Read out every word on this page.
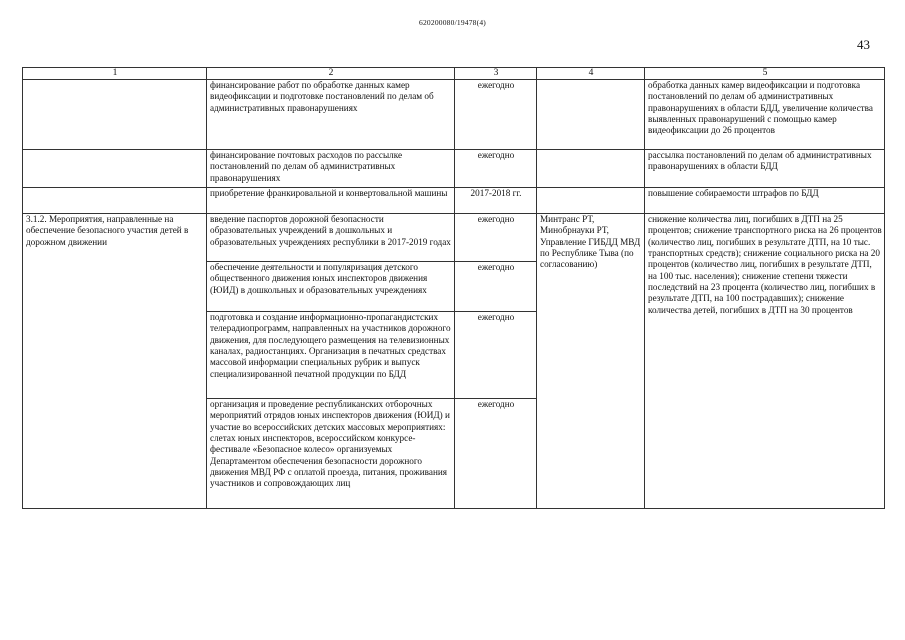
620200080/19478(4)
43
1	2	3	4	5
	финансирование работ по обработке данных камер видеофиксации и подготовке постановлений по делам об административных правонарушениях	ежегодно		обработка данных камер видеофиксации и подготовка постановлений по делам об административных правонарушениях в области БДД, увеличение количества выявленных правонарушений с помощью камер видеофиксации до 26 процентов
	финансирование почтовых расходов по рассылке постановлений по делам об административных правонарушениях	ежегодно		рассылка постановлений по делам об административных правонарушениях в области БДД
	приобретение франкировальной и конвертовальной машины	2017-2018 гг.		повышение собираемости штрафов по БДД
3.1.2. Мероприятия, направленные на обеспечение безопасного участия детей в дорожном движении	введение паспортов дорожной безопасности образовательных учреждений в дошкольных и образовательных учреждениях республики в 2017-2019 годах	ежегодно	Минтранс РТ, Минобрнауки РТ, Управление ГИБДД МВД по Республике Тыва (по согласованию)	снижение количества лиц, погибших в ДТП на 25 процентов; снижение транспортного риска на 26 процентов (количество лиц, погибших в результате ДТП, на 10 тыс. транспортных средств); снижение социального риска на 20 процентов (количество лиц, погибших в результате ДТП, на 100 тыс. населения); снижение степени тяжести последствий на 23 процента (количество лиц, погибших в результате ДТП, на 100 пострадавших); снижение количества детей, погибших в ДТП на 30 процентов
	обеспечение деятельности и популяризация детского общественного движения юных инспекторов движения (ЮИД) в дошкольных и образовательных учреждениях	ежегодно		
	подготовка и создание информационно-пропагандистских телерадиопрограмм, направленных на участников дорожного движения, для последующего размещения на телевизионных каналах, радиостанциях. Организация в печатных средствах массовой информации специальных рубрик и выпуск специализированной печатной продукции по БДД	ежегодно		
	организация и проведение республиканских отборочных мероприятий отрядов юных инспекторов движения (ЮИД) и участие во всероссийских детских массовых мероприятиях: слетах юных инспекторов, всероссийском конкурсе-фестивале «Безопасное колесо» организуемых Департаментом обеспечения безопасности дорожного движения МВД РФ с оплатой проезда, питания, проживания участников и сопровождающих лиц	ежегодно		
